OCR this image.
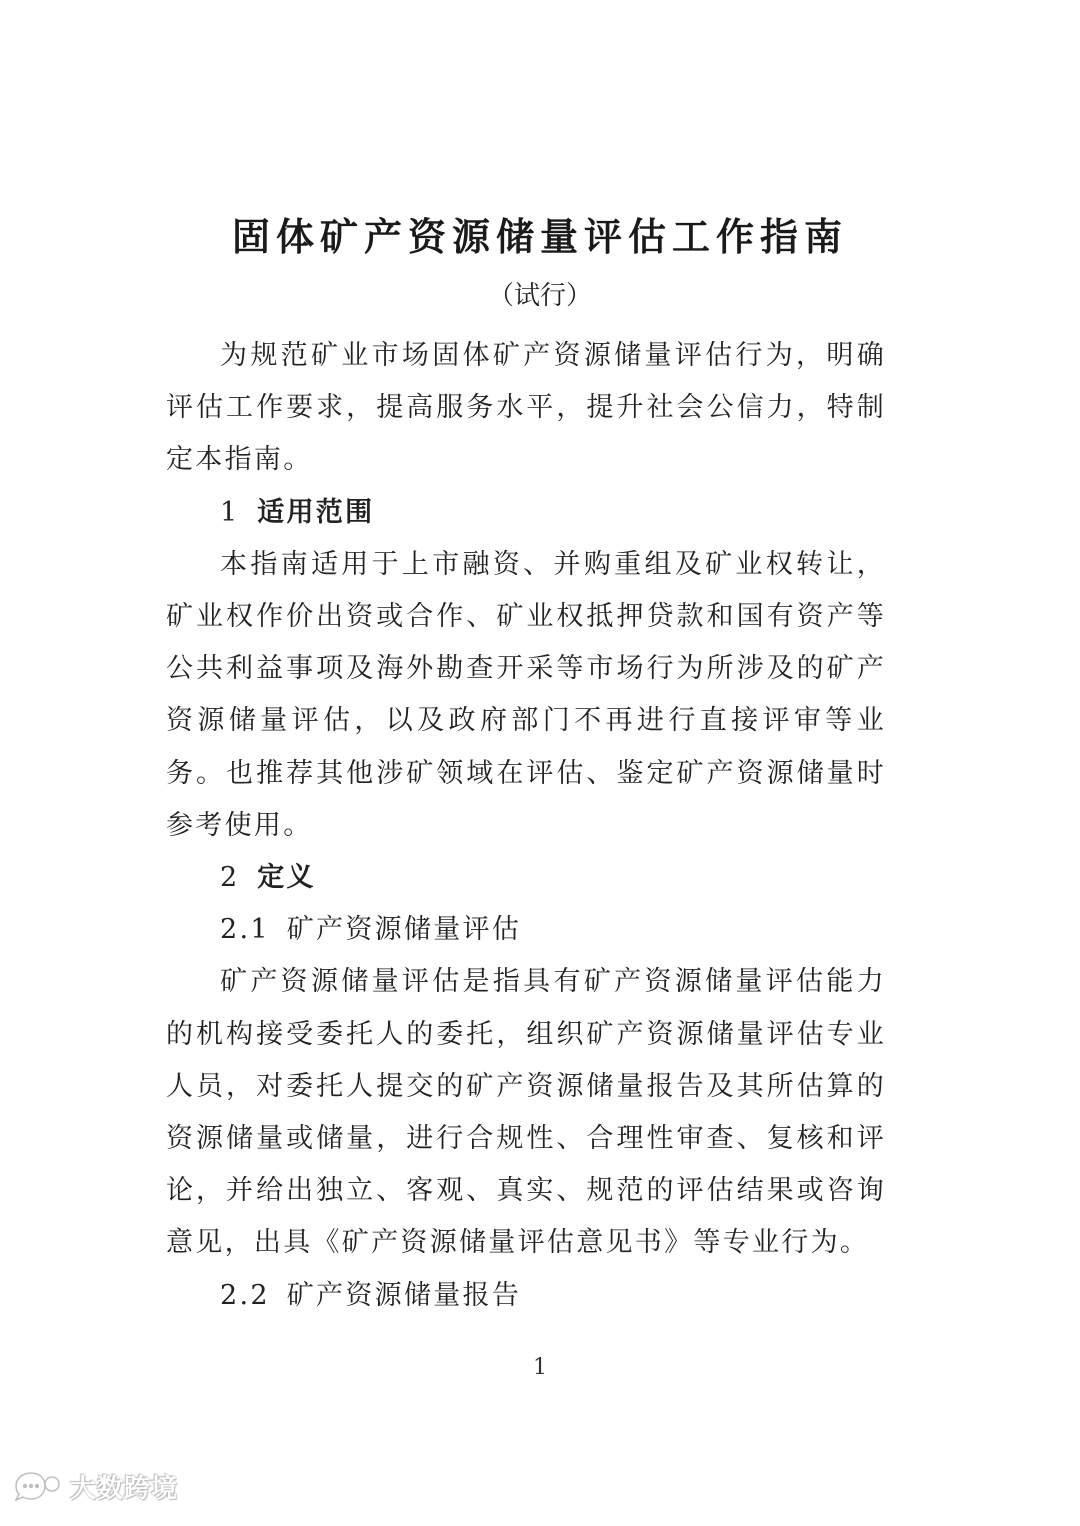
固体矿产资源储量评估工作指南
（试行）

为规范矿业市场固体矿产资源储量评估行为，明确评估工作要求，提高服务水平，提升社会公信力，特制定本指南。

1 适用范围

本指南适用于上市融资、并购重组及矿业权转让，矿业权作价出资或合作、矿业权抵押贷款和国有资产等公共利益事项及海外勘查开采等市场行为所涉及的矿产资源储量评估，以及政府部门不再进行直接评审等业务。也推荐其他涉矿领域在评估、鉴定矿产资源储量时参考使用。

2 定义

2.1 矿产资源储量评估

矿产资源储量评估是指具有矿产资源储量评估能力的机构接受委托人的委托，组织矿产资源储量评估专业人员，对委托人提交的矿产资源储量报告及其所估算的资源储量或储量，进行合规性、合理性审查、复核和评论，并给出独立、客观、真实、规范的评估结果或咨询意见，出具《矿产资源储量评估意见书》等专业行为。

2.2 矿产资源储量报告

1
大数跨境
